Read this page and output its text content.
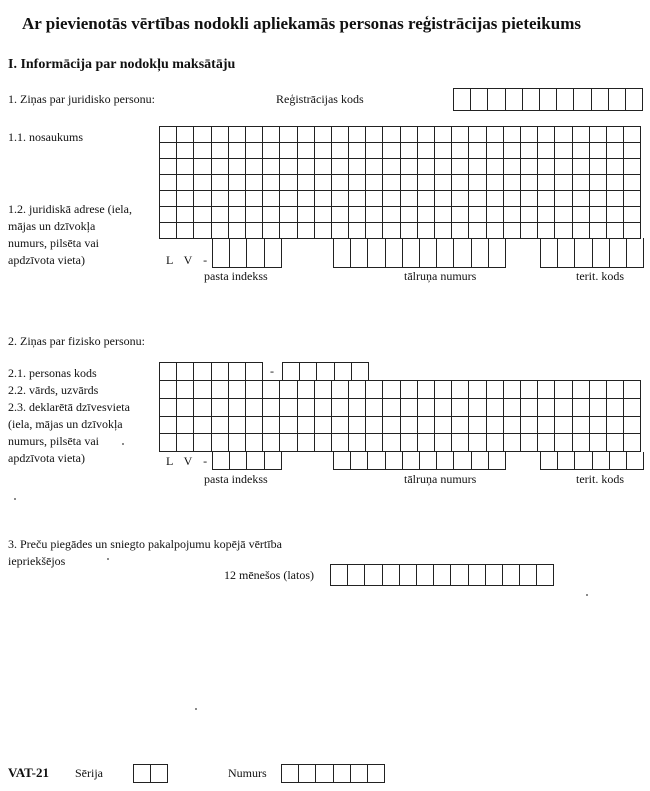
Ar pievienotās vērtības nodokli apliekamās personas reģistrācijas pieteikums
I. Informācija par nodokļu maksātāju
1. Ziņas par juridisko personu:	Reģistrācijas kods
1.1. nosaukums
1.2. juridiskā adrese (iela,
mājas un dzīvokļa
numurs, pilsēta vai
apdzīvota vieta)	L V -
pasta indekss	tālruņa numurs	terit. kods
2. Ziņas par fizisko personu:
2.1. personas kods	-
2.2. vārds, uzvārds
2.3. deklarētā dzīvesvieta
(iela, mājas un dzīvokļa
numurs, pilsēta vai
apdzīvota vieta)	L V -
pasta indekss	tālruņa numurs	terit. kods
3. Preču piegādes un sniegto pakalpojumu kopējā vērtība
iepriekšējos
12 mēnešos (latos)
VAT-21 Sērija	Numurs
